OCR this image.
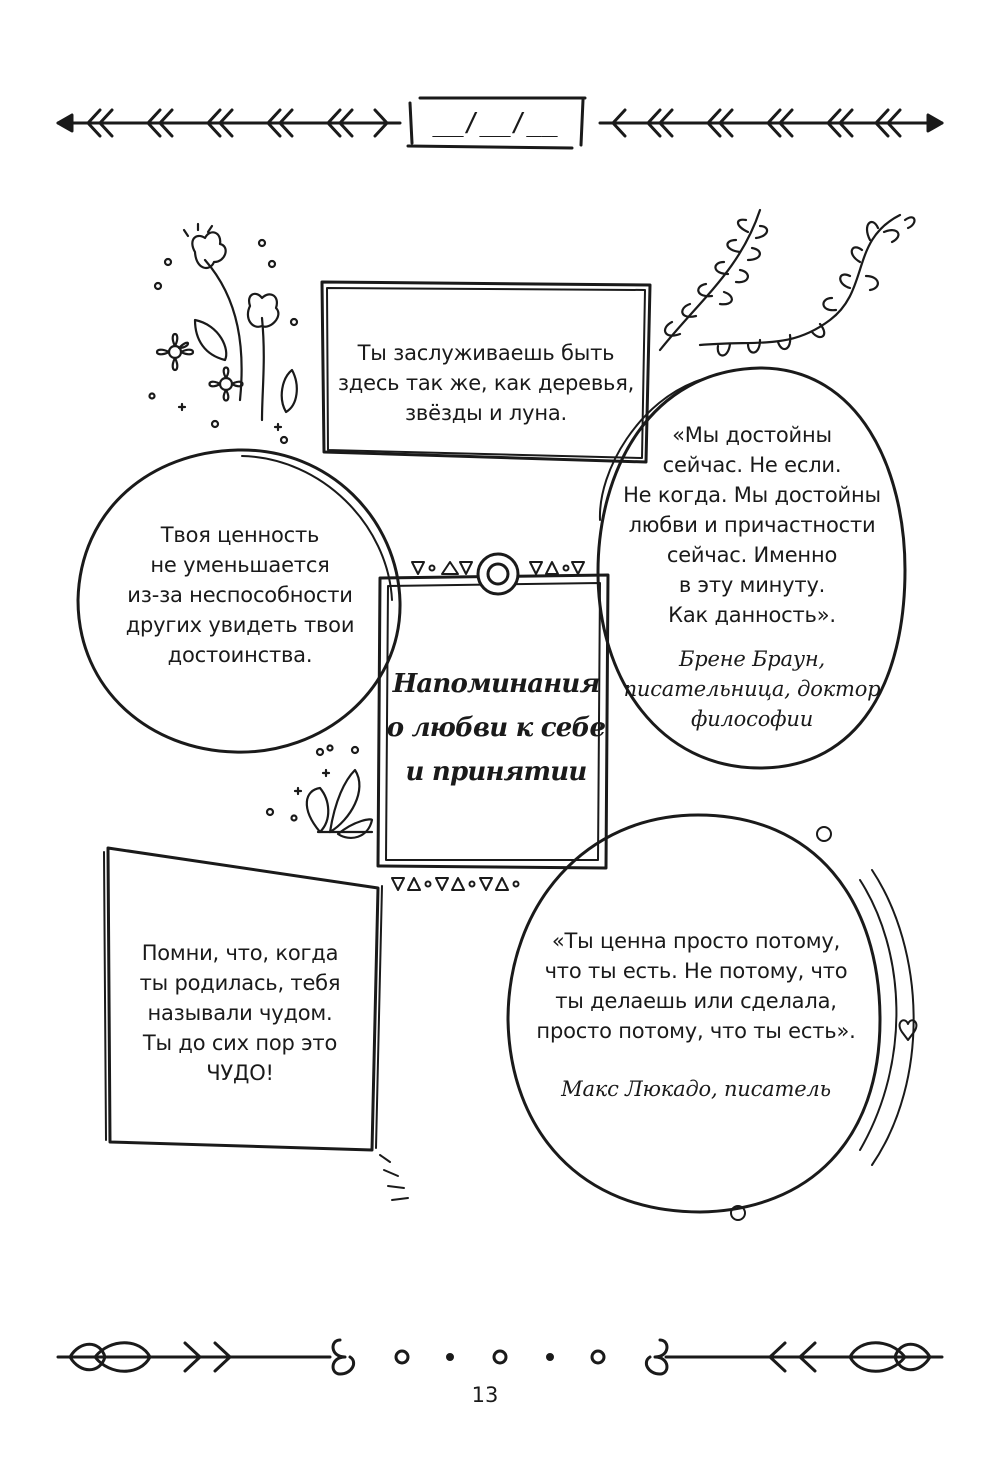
__/__/__
Ты заслуживаешь быть
здесь так же, как деревья,
звёзды и луна.
Твоя ценность
не уменьшается
из-за неспособности
других увидеть твои
достоинства.
«Мы достойны
сейчас. Не если.
Не когда. Мы достойны
любви и причастности
сейчас. Именно
в эту минуту.
Как данность».
Брене Браун,
писательница, доктор
философии
Напоминания
о любви к себе
и принятии
Помни, что, когда
ты родилась, тебя
называли чудом.
Ты до сих пор это
ЧУДО!
«Ты ценна просто потому,
что ты есть. Не потому, что
ты делаешь или сделала,
просто потому, что ты есть».
Макс Люкадо, писатель
13
